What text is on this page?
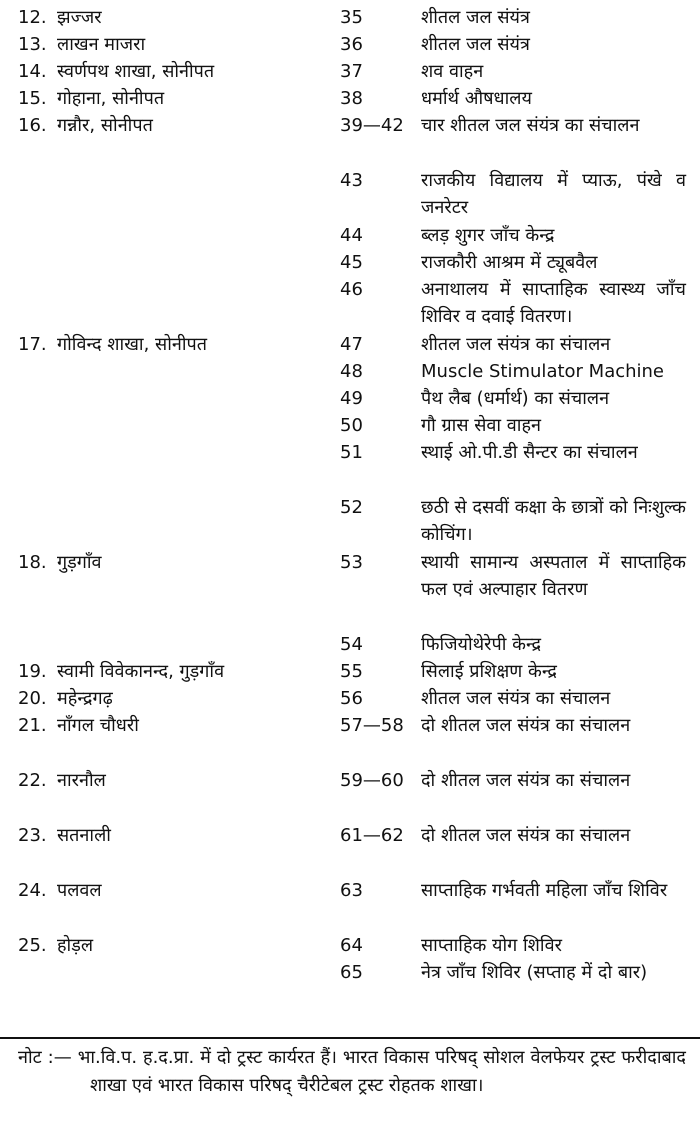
12. झज्जर	35	शीतल जल संयंत्र
13. लाखन माजरा	36	शीतल जल संयंत्र
14. स्वर्णपथ शाखा, सोनीपत	37	शव वाहन
15. गोहाना, सोनीपत	38	धर्मार्थ औषधालय
16. गन्नौर, सोनीपत	39—42 चार शीतल जल संयंत्र का संचालन
43	राजकीय विद्यालय में प्याऊ, पंखे व जनरेटर
44	ब्लड़ शुगर जाँच केन्द्र
45	राजकौरी आश्रम में ट्यूबवैल
46	अनाथालय में साप्ताहिक स्वास्थ्य जाँच शिविर व दवाई वितरण।
17. गोविन्द शाखा, सोनीपत	47	शीतल जल संयंत्र का संचालन
48	Muscle Stimulator Machine
49	पैथ लैब (धर्मार्थ) का संचालन
50	गौ ग्रास सेवा वाहन
51	स्थाई ओ.पी.डी सैन्टर का संचालन
52	छठी से दसवीं कक्षा के छात्रों को निःशुल्क कोचिंग।
18. गुड़गाँव	53	स्थायी सामान्य अस्पताल में साप्ताहिक फल एवं अल्पाहार वितरण
54	फिजियोथेरेपी केन्द्र
19. स्वामी विवेकानन्द, गुड़गाँव	55	सिलाई प्रशिक्षण केन्द्र
20. महेन्द्रगढ़	56	शीतल जल संयंत्र का संचालन
21. नाँगल चौधरी	57—58 दो शीतल जल संयंत्र का संचालन
22. नारनौल	59—60 दो शीतल जल संयंत्र का संचालन
23. सतनाली	61—62 दो शीतल जल संयंत्र का संचालन
24. पलवल	63	साप्ताहिक गर्भवती महिला जाँच शिविर
25. होड़ल	64	साप्ताहिक योग शिविर
65	नेत्र जाँच शिविर (सप्ताह में दो बार)

नोट :— भा.वि.प. ह.द.प्रा. में दो ट्रस्ट कार्यरत हैं। भारत विकास परिषद् सोशल वेलफेयर ट्रस्ट फरीदाबाद शाखा एवं भारत विकास परिषद् चैरीटेबल ट्रस्ट रोहतक शाखा।
